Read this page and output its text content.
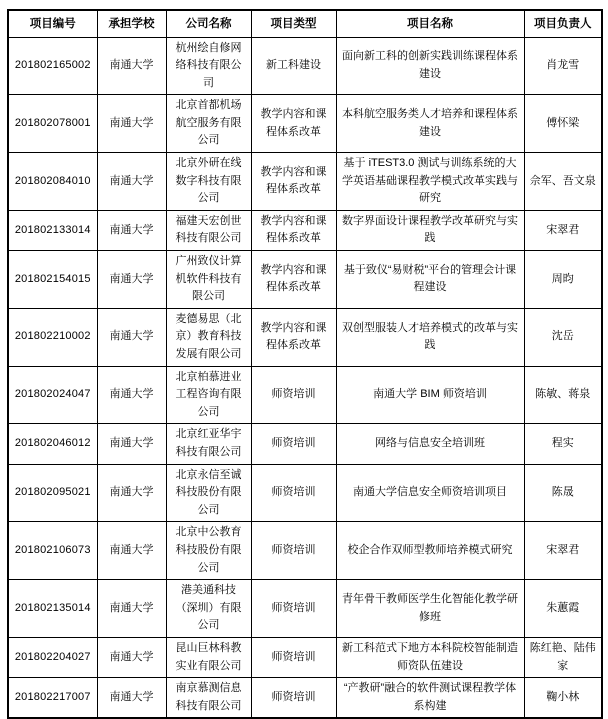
项目编号	承担学校	公司名称	项目类型	项目名称	项目负责人
201802165002	南通大学	杭州绘自修网络科技有限公司	新工科建设	面向新工科的创新实践训练课程体系建设	肖龙雪
201802078001	南通大学	北京首都机场航空服务有限公司	教学内容和课程体系改革	本科航空服务类人才培养和课程体系建设	傅怀梁
201802084010	南通大学	北京外研在线数字科技有限公司	教学内容和课程体系改革	基于 iTEST3.0 测试与训练系统的大学英语基础课程教学模式改革实践与研究	佘军、吾文泉
201802133014	南通大学	福建天宏创世科技有限公司	教学内容和课程体系改革	数字界面设计课程教学改革研究与实践	宋翠君
201802154015	南通大学	广州致仪计算机软件科技有限公司	教学内容和课程体系改革	基于致仪“易财税”平台的管理会计课程建设	周昀
201802210002	南通大学	麦德易思（北京）教育科技发展有限公司	教学内容和课程体系改革	双创型服装人才培养模式的改革与实践	沈岳
201802024047	南通大学	北京柏慕进业工程咨询有限公司	师资培训	南通大学 BIM 师资培训	陈敏、蒋泉
201802046012	南通大学	北京红亚华宇科技有限公司	师资培训	网络与信息安全培训班	程实
201802095021	南通大学	北京永信至诚科技股份有限公司	师资培训	南通大学信息安全师资培训项目	陈晟
201802106073	南通大学	北京中公教育科技股份有限公司	师资培训	校企合作双师型教师培养模式研究	宋翠君
201802135014	南通大学	港美通科技（深圳）有限公司	师资培训	青年骨干教师医学生化智能化教学研修班	朱蕙霞
201802204027	南通大学	昆山巨林科教实业有限公司	师资培训	新工科范式下地方本科院校智能制造师资队伍建设	陈红艳、陆伟家
201802217007	南通大学	南京慕测信息科技有限公司	师资培训	“产教研”融合的软件测试课程教学体系构建	鞠小林
